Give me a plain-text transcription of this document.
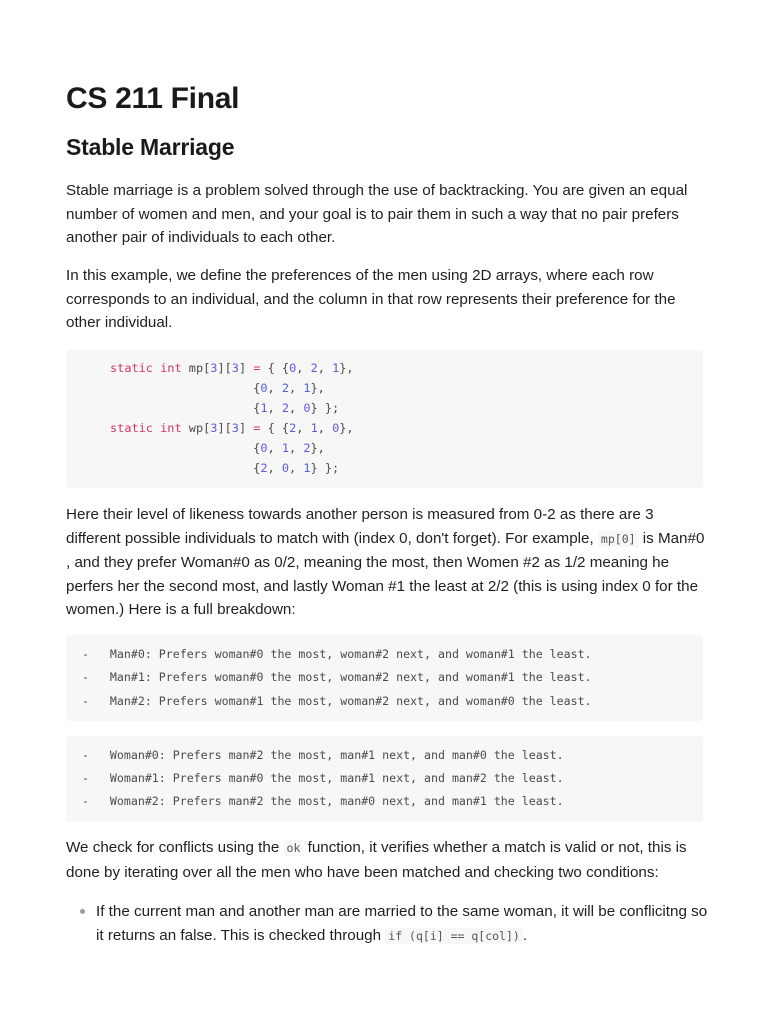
CS 211 Final
Stable Marriage

Stable marriage is a problem solved through the use of backtracking. You are given an equal
number of women and men, and your goal is to pair them in such a way that no pair prefers
another pair of individuals to each other.

In this example, we define the preferences of the men using 2D arrays, where each row
corresponds to an individual, and the column in that row represents their preference for the
other individual.

static int mp[3][3] = { {0, 2, 1},
{0, 2, 1},
{1, 2, 0} };
static int wp[3][3] = { {2, 1, 0},
{0, 1, 2},
{2, 0, 1} };

Here their level of likeness towards another person is measured from 0-2 as there are 3
different possible individuals to match with (index 0, don't forget). For example, mp[0] is Man#0
, and they prefer Woman#0 as 0/2, meaning the most, then Women #2 as 1/2 meaning he
perfers her the second most, and lastly Woman #1 the least at 2/2 (this is using index 0 for the
women.) Here is a full breakdown:

-   Man#0: Prefers woman#0 the most, woman#2 next, and woman#1 the least.
-   Man#1: Prefers woman#0 the most, woman#2 next, and woman#1 the least.
-   Man#2: Prefers woman#1 the most, woman#2 next, and woman#0 the least.
-   Woman#0: Prefers man#2 the most, man#1 next, and man#0 the least.
-   Woman#1: Prefers man#0 the most, man#1 next, and man#2 the least.
-   Woman#2: Prefers man#2 the most, man#0 next, and man#1 the least.

We check for conflicts using the ok function, it verifies whether a match is valid or not, this is
done by iterating over all the men who have been matched and checking two conditions:

If the current man and another man are married to the same woman, it will be conflicitng so
it returns an false. This is checked through if (q[i] == q[col]) .
